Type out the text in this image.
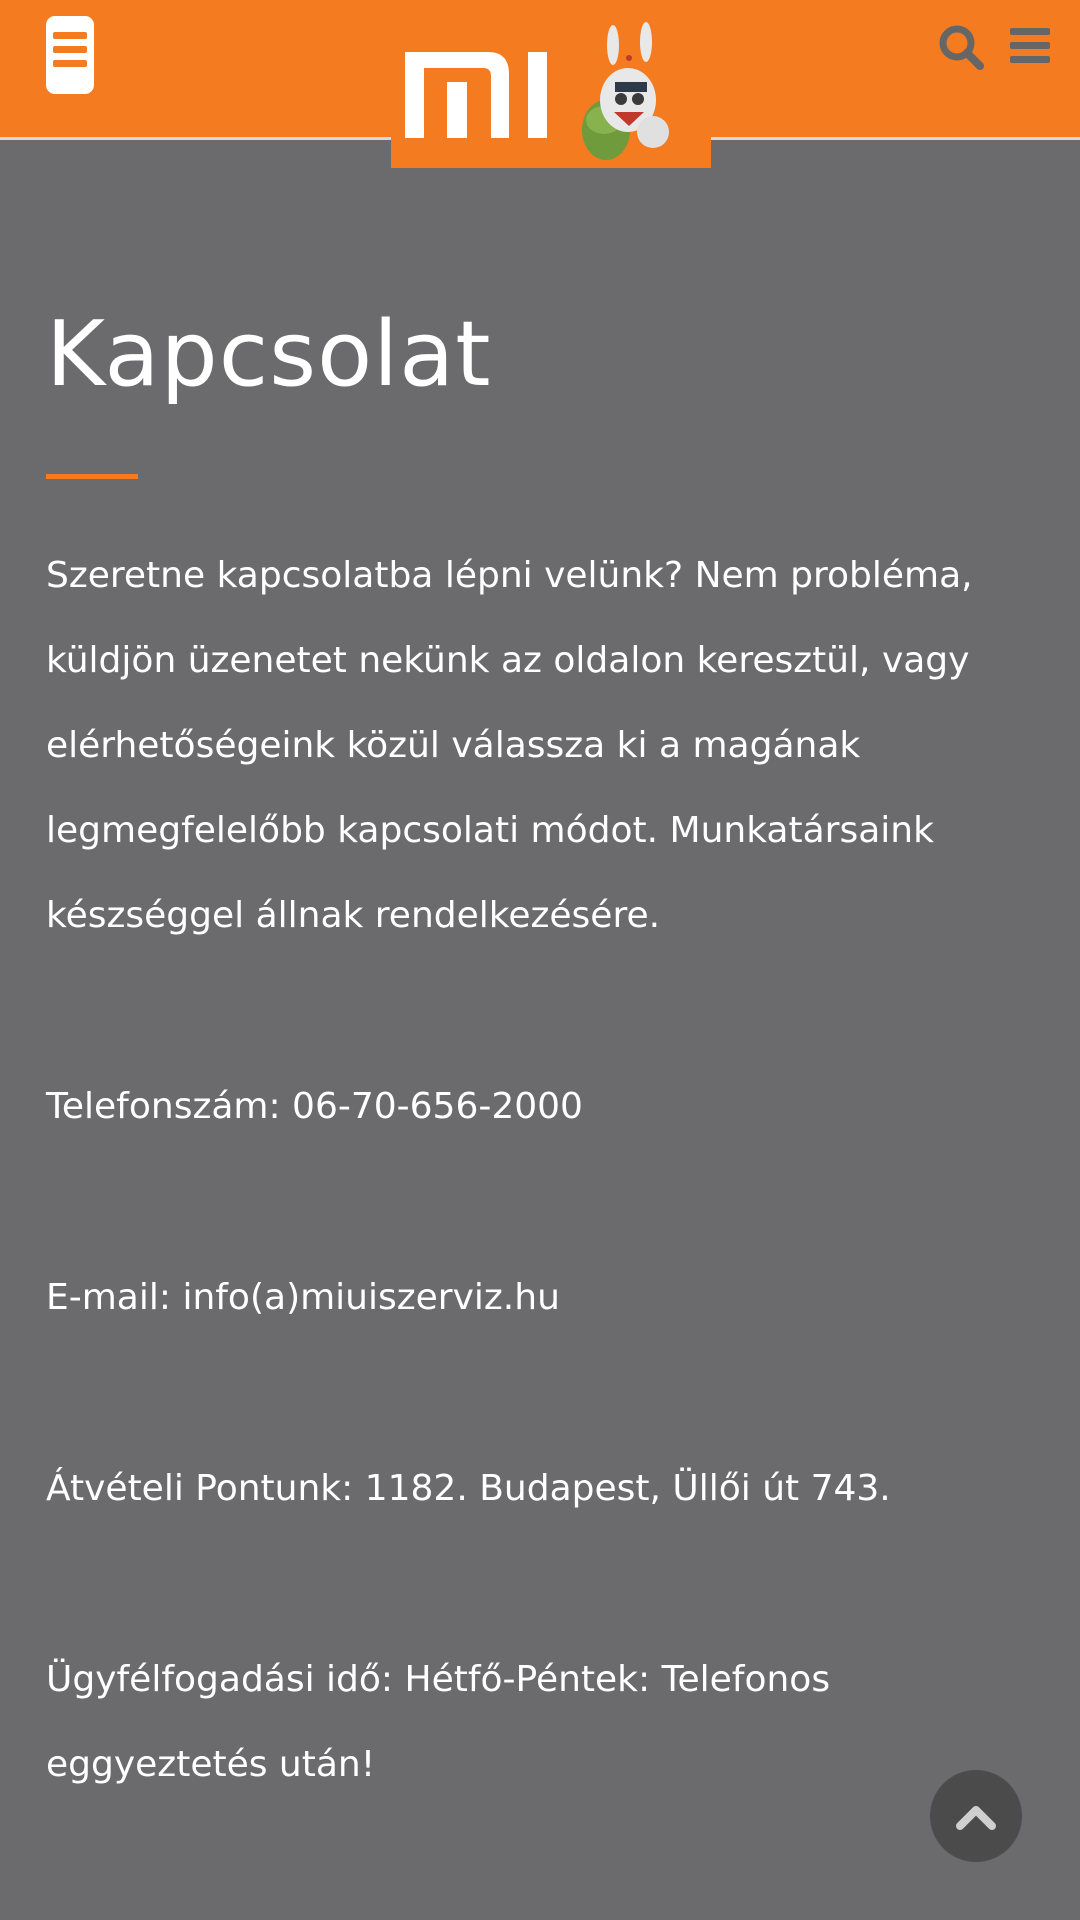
Kapcsolat

Szeretne kapcsolatba lépni velünk? Nem probléma, küldjön üzenetet nekünk az oldalon keresztül, vagy elérhetőségeink közül válassza ki a magának legmegfelelőbb kapcsolati módot. Munkatársaink készséggel állnak rendelkezésére.

Telefonszám: 06-70-656-2000

E-mail: info(a)miuiszerviz.hu

Átvételi Pontunk: 1182. Budapest, Üllői út 743.

Ügyfélfogadási idő: Hétfő-Péntek: Telefonos eggyeztetés után!
